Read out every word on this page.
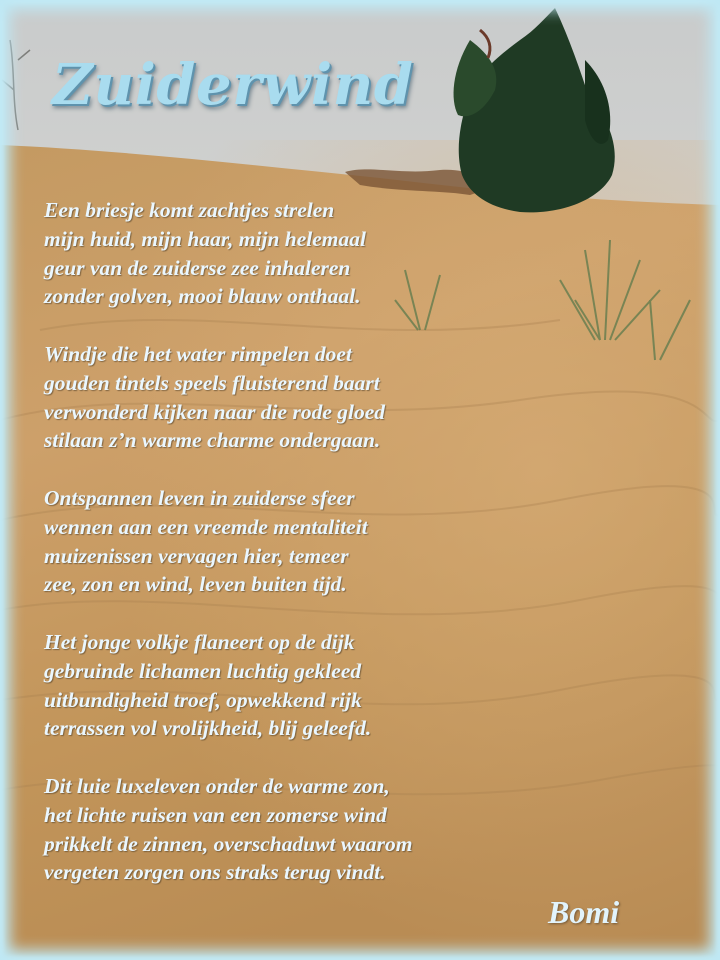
Zuiderwind

Een briesje komt zachtjes strelen
mijn huid, mijn haar, mijn helemaal
geur van de zuiderse zee inhaleren
zonder golven, mooi blauw onthaal.

Windje die het water rimpelen doet
gouden tintels speels fluisterend baart
verwonderd kijken naar die rode gloed
stilaan z’n warme charme ondergaan.

Ontspannen leven in zuiderse sfeer
wennen aan een vreemde mentaliteit
muizenissen vervagen hier, temeer
zee, zon en wind, leven buiten tijd.

Het jonge volkje flaneert op de dijk
gebruinde lichamen luchtig gekleed
uitbundigheid troef, opwekkend rijk
terrassen vol vrolijkheid, blij geleefd.

Dit luie luxeleven onder de warme zon,
het lichte ruisen van een zomerse wind
prikkelt de zinnen, overschaduwt waarom
vergeten zorgen ons straks terug vindt.

Bomi
